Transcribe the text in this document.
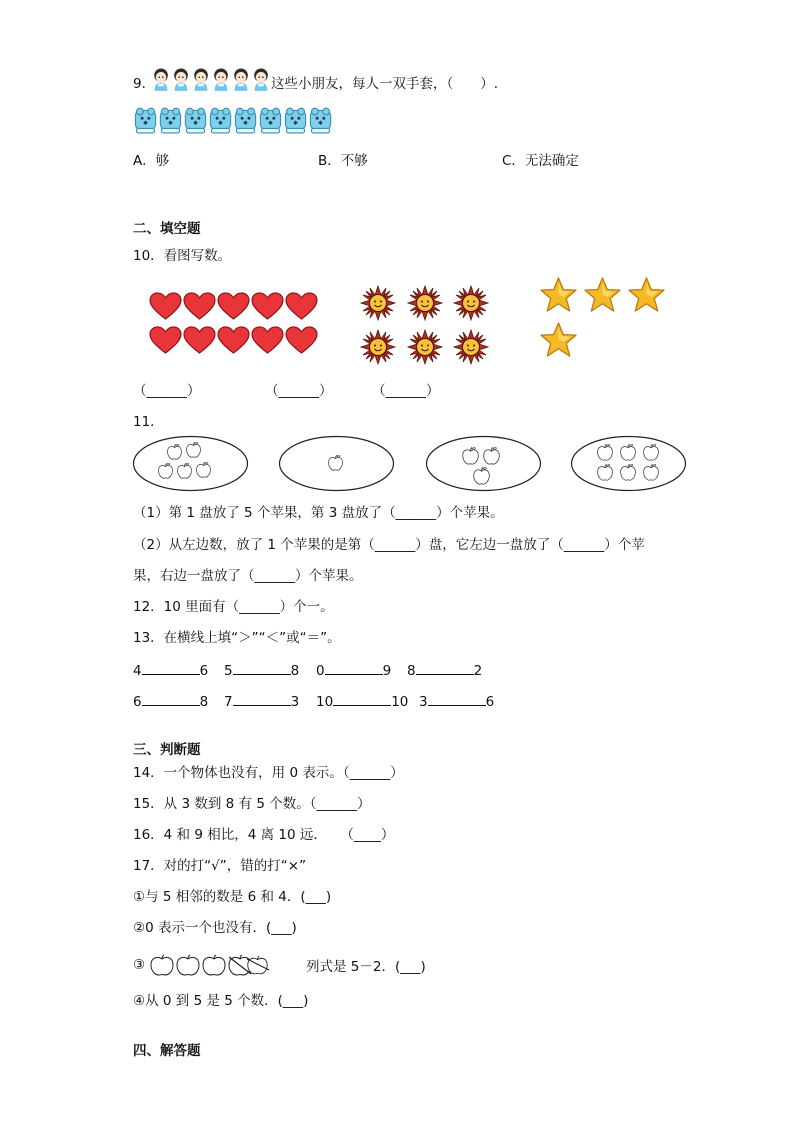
9．	这些小朋友，每人一双手套，（　　）.
A．够	B．不够	C．无法确定
二、填空题
10．看图写数。
（______）	（______）	（______）
11．
（1）第 1 盘放了 5 个苹果，第 3 盘放了（______）个苹果。
（2）从左边数，放了 1 个苹果的是第（______）盘，它左边一盘放了（______）个苹
果，右边一盘放了（______）个苹果。
12．10 里面有（______）个一。
13．在横线上填“＞”“＜”或“＝”。
4	6 5	8 0	9 8	2
6	8 7	3 10	10 3	6
三、判断题
14．一个物体也没有，用 0 表示。（______）
15．从 3 数到 8 有 5 个数。（______）
16．4 和 9 相比，4 离 10 远．　　（____）
17．对的打“√”，错的打“×”
①与 5 相邻的数是 6 和 4．(___)
②0 表示一个也没有．(___)
③	列式是 5－2．(___)
④从 0 到 5 是 5 个数．(___)
四、解答题
